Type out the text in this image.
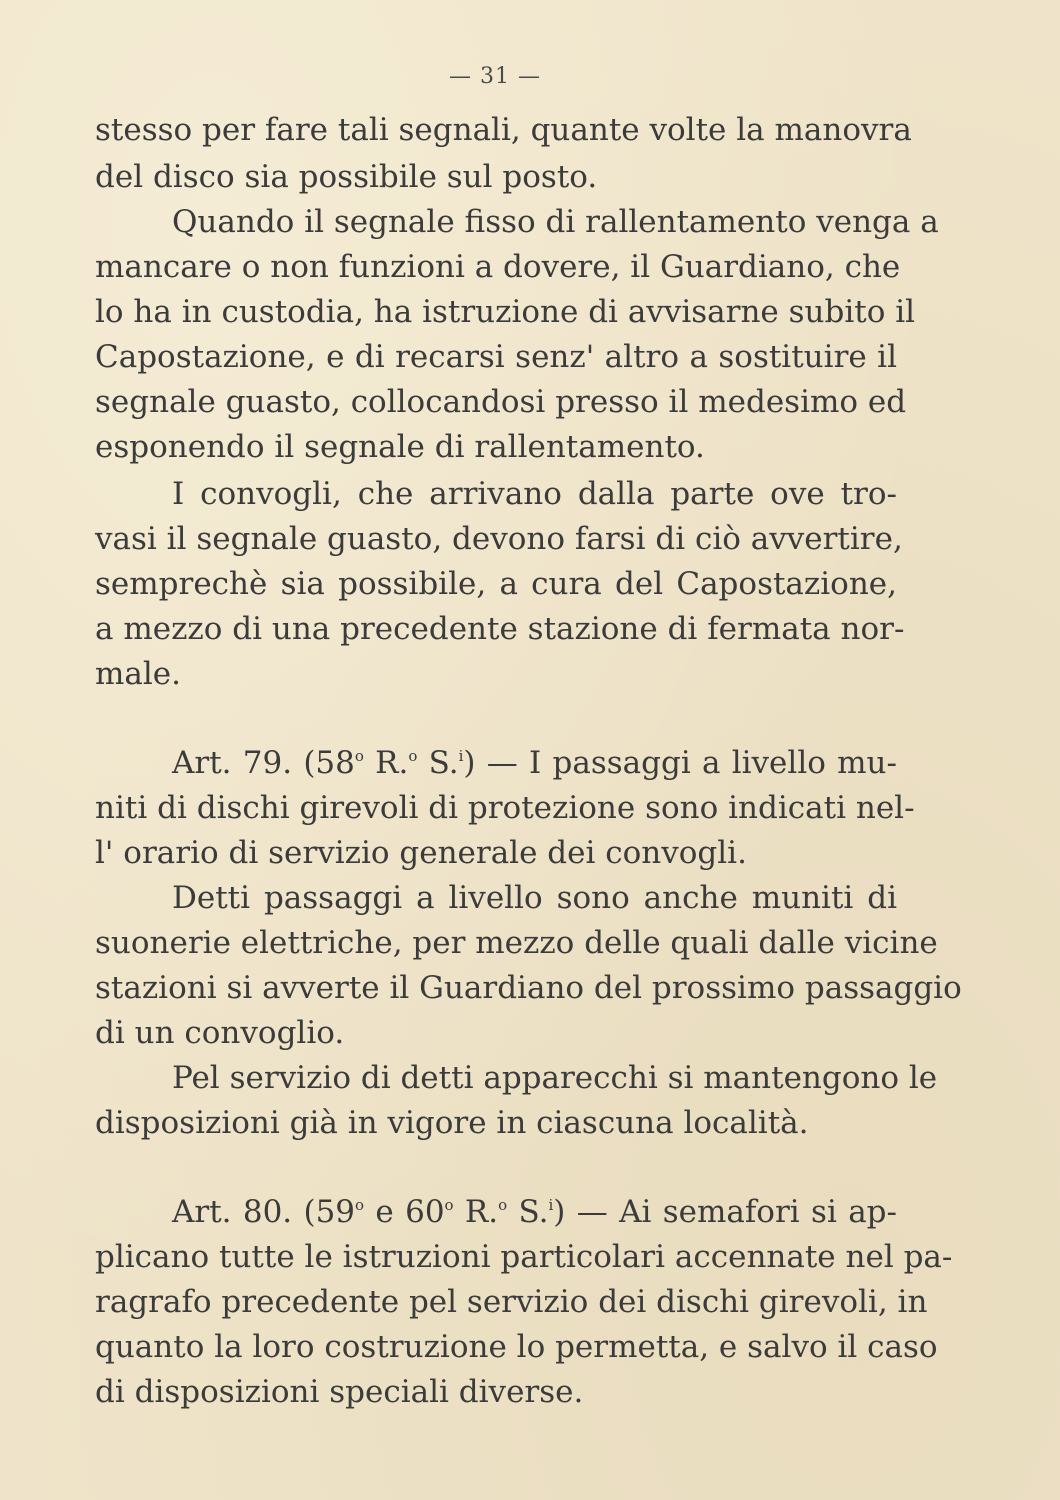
— 31 —
stesso per fare tali segnali, quante volte la manovra
del disco sia possibile sul posto.
Quando il segnale fisso di rallentamento venga a
mancare o non funzioni a dovere, il Guardiano, che
lo ha in custodia, ha istruzione di avvisarne subito il
Capostazione, e di recarsi senz' altro a sostituire il
segnale guasto, collocandosi presso il medesimo ed
esponendo il segnale di rallentamento.
I convogli, che arrivano dalla parte ove tro-
vasi il segnale guasto, devono farsi di ciò avvertire,
semprechè sia possibile, a cura del Capostazione,
a mezzo di una precedente stazione di fermata nor-
male.
Art. 79. (58$^o$ R.$^o$ S.$^i$) — I passaggi a livello mu-
niti di dischi girevoli di protezione sono indicati nel-
l' orario di servizio generale dei convogli.
Detti passaggi a livello sono anche muniti di
suonerie elettriche, per mezzo delle quali dalle vicine
stazioni si avverte il Guardiano del prossimo passaggio
di un convoglio.
Pel servizio di detti apparecchi si mantengono le
disposizioni già in vigore in ciascuna località.
Art. 80. (59$^o$ e 60$^o$ R.$^o$ S.$^i$) — Ai semafori si ap-
plicano tutte le istruzioni particolari accennate nel pa-
ragrafo precedente pel servizio dei dischi girevoli, in
quanto la loro costruzione lo permetta, e salvo il caso
di disposizioni speciali diverse.
